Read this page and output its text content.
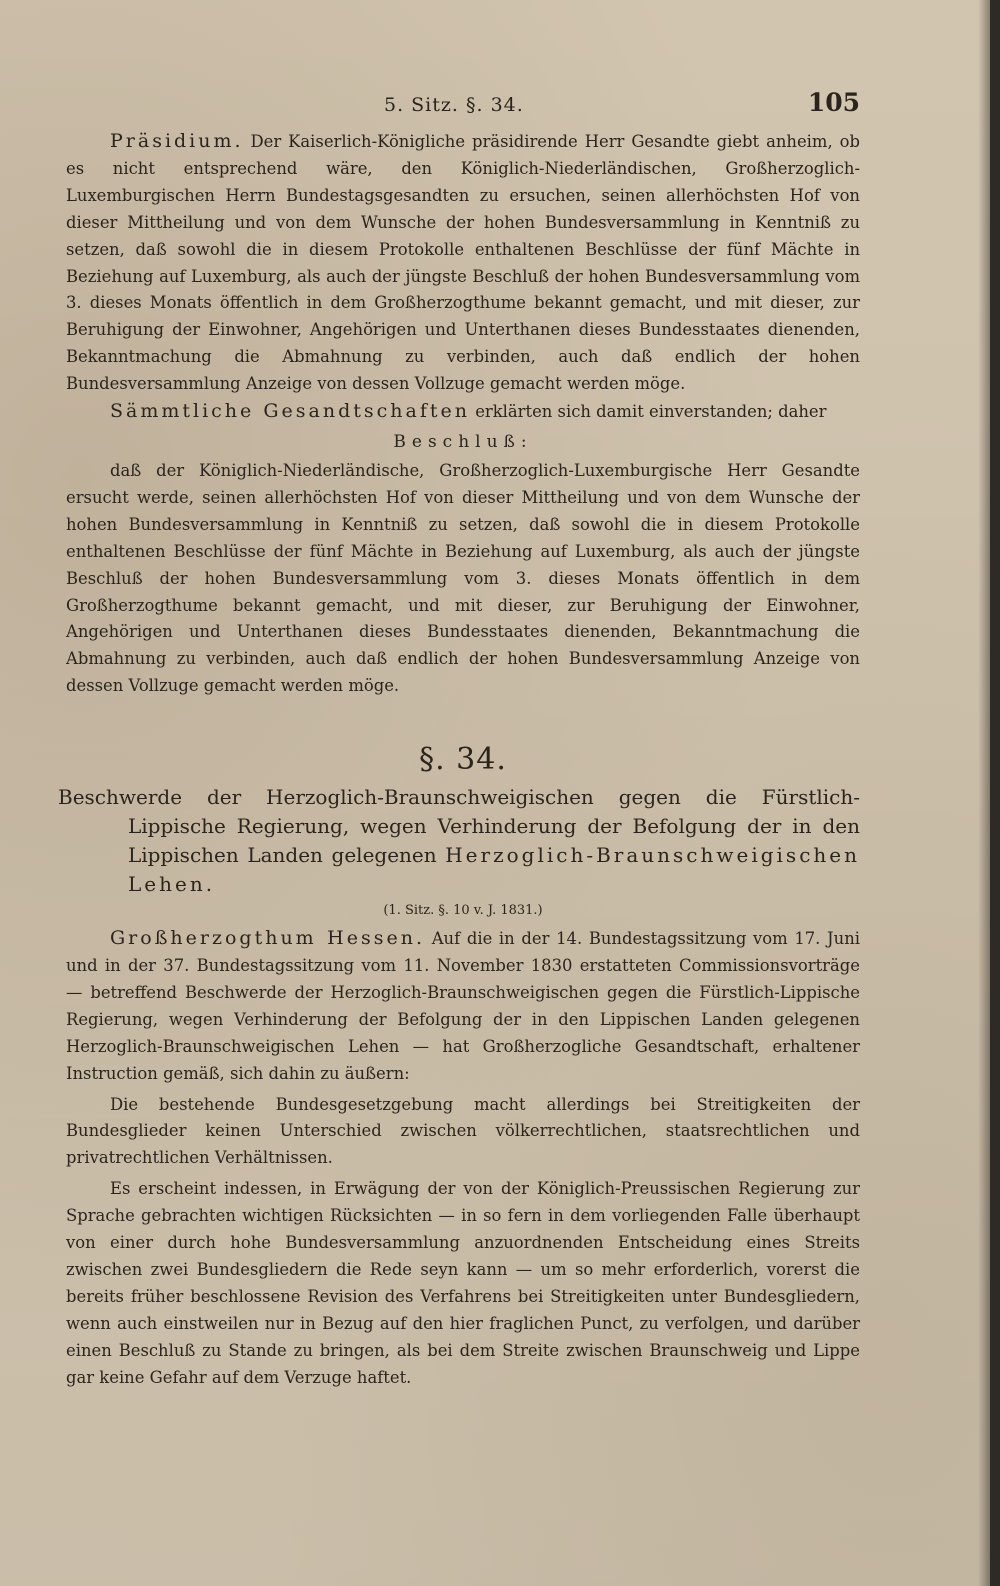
5. Sitz. §. 34.	105

Präsidium. Der Kaiserlich-Königliche präsidirende Herr Gesandte giebt anheim, ob es nicht entsprechend wäre, den Königlich-Niederländischen, Großherzoglich-Luxemburgischen Herrn Bundestagsgesandten zu ersuchen, seinen allerhöchsten Hof von dieser Mittheilung und von dem Wunsche der hohen Bundesversammlung in Kenntniß zu setzen, daß sowohl die in diesem Protokolle enthaltenen Beschlüsse der fünf Mächte in Beziehung auf Luxemburg, als auch der jüngste Beschluß der hohen Bundesversammlung vom 3. dieses Monats öffentlich in dem Großherzogthume bekannt gemacht, und mit dieser, zur Beruhigung der Einwohner, Angehörigen und Unterthanen dieses Bundesstaates dienenden, Bekanntmachung die Abmahnung zu verbinden, auch daß endlich der hohen Bundesversammlung Anzeige von dessen Vollzuge gemacht werden möge.

Sämmtliche Gesandtschaften erklärten sich damit einverstanden; daher

Beschluß:

daß der Königlich-Niederländische, Großherzoglich-Luxemburgische Herr Gesandte ersucht werde, seinen allerhöchsten Hof von dieser Mittheilung und von dem Wunsche der hohen Bundesversammlung in Kenntniß zu setzen, daß sowohl die in diesem Protokolle enthaltenen Beschlüsse der fünf Mächte in Beziehung auf Luxemburg, als auch der jüngste Beschluß der hohen Bundesversammlung vom 3. dieses Monats öffentlich in dem Großherzogthume bekannt gemacht, und mit dieser, zur Beruhigung der Einwohner, Angehörigen und Unterthanen dieses Bundesstaates dienenden, Bekanntmachung die Abmahnung zu verbinden, auch daß endlich der hohen Bundesversammlung Anzeige von dessen Vollzuge gemacht werden möge.

§. 34.
Beschwerde der Herzoglich-Braunschweigischen gegen die Fürstlich-Lippische Regierung, wegen Verhinderung der Befolgung der in den Lippischen Landen gelegenen Herzoglich-Braunschweigischen Lehen.
(1. Sitz. §. 10 v. J. 1831.)

Großherzogthum Hessen. Auf die in der 14. Bundestagssitzung vom 17. Juni und in der 37. Bundestagssitzung vom 11. November 1830 erstatteten Commissionsvorträge — betreffend Beschwerde der Herzoglich-Braunschweigischen gegen die Fürstlich-Lippische Regierung, wegen Verhinderung der Befolgung der in den Lippischen Landen gelegenen Herzoglich-Braunschweigischen Lehen — hat Großherzogliche Gesandtschaft, erhaltener Instruction gemäß, sich dahin zu äußern:

Die bestehende Bundesgesetzgebung macht allerdings bei Streitigkeiten der Bundesglieder keinen Unterschied zwischen völkerrechtlichen, staatsrechtlichen und privatrechtlichen Verhältnissen.

Es erscheint indessen, in Erwägung der von der Königlich-Preussischen Regierung zur Sprache gebrachten wichtigen Rücksichten — in so fern in dem vorliegenden Falle überhaupt von einer durch hohe Bundesversammlung anzuordnenden Entscheidung eines Streits zwischen zwei Bundesgliedern die Rede seyn kann — um so mehr erforderlich, vorerst die bereits früher beschlossene Revision des Verfahrens bei Streitigkeiten unter Bundesgliedern, wenn auch einstweilen nur in Bezug auf den hier fraglichen Punct, zu verfolgen, und darüber einen Beschluß zu Stande zu bringen, als bei dem Streite zwischen Braunschweig und Lippe gar keine Gefahr auf dem Verzuge haftet.
